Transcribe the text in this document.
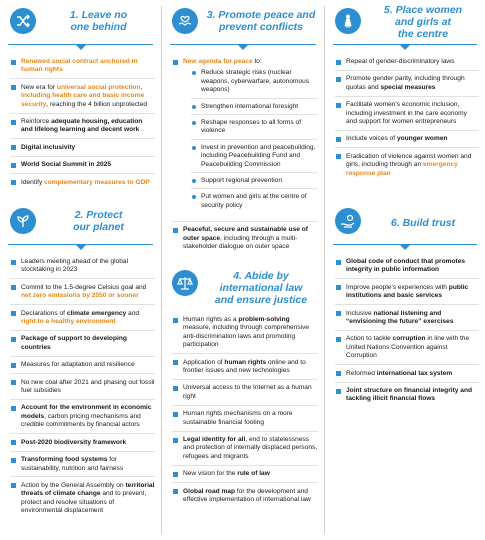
1. Leave no
one behind
Renewed social contract anchored in human rights
New era for universal social protection, including health care and basic income security, reaching the 4 billion unprotected
Reinforce adequate housing, education and lifelong learning and decent work
Digital inclusivity
World Social Summit in 2025
Identify complementary measures to GDP
2. Protect
our planet
Leaders meeting ahead of the global stocktaking in 2023
Commit to the 1.5-degree Celsius goal and net zero emissions by 2050 or sooner
Declarations of climate emergency and right to a healthy environment
Package of support to developing countries
Measures for adaptation and resilience
No new coal after 2021 and phasing out fossil fuel subsidies
Account for the environment in economic models, carbon pricing mechanisms and credible commitments by financial actors
Post-2020 biodiversity framework
Transforming food systems for sustainability, nutrition and fairness
Action by the General Assembly on territorial threats of climate change and to prevent, protect and resolve situations of environmental displacement
3. Promote peace and
prevent conflicts
New agenda for peace to:
Reduce strategic risks (nuclear weapons, cyberwarfare, autonomous weapons)
Strengthen international foresight
Reshape responses to all forms of violence
Invest in prevention and peacebuilding, including Peacebuilding Fund and Peacebuilding Commission
Support regional prevention
Put women and girls at the centre of security policy
Peaceful, secure and sustainable use of outer space, including through a multi-stakeholder dialogue on outer space
4. Abide by
international law
and ensure justice
Human rights as a problem-solving measure, including through comprehensive anti-discrimination laws and promoting participation
Application of human rights online and to frontier issues and new technologies
Universal access to the Internet as a human right
Human rights mechanisms on a more sustainable financial footing
Legal identity for all, end to statelessness and protection of internally displaced persons, refugees and migrants
New vision for the rule of law
Global road map for the development and effective implementation of international law
5. Place women
and girls at
the centre
Repeal of gender-discriminatory laws
Promote gender parity, including through quotas and special measures
Facilitate women's economic inclusion, including investment in the care economy and support for women entrepreneurs
Include voices of younger women
Eradication of violence against women and girls, including through an emergency response plan
6. Build trust
Global code of conduct that promotes integrity in public information
Improve people's experiences with public institutions and basic services
Inclusive national listening and “envisioning the future” exercises
Action to tackle corruption in line with the United Nations Convention against Corruption
Reformed international tax system
Joint structure on financial integrity and tackling illicit financial flows
